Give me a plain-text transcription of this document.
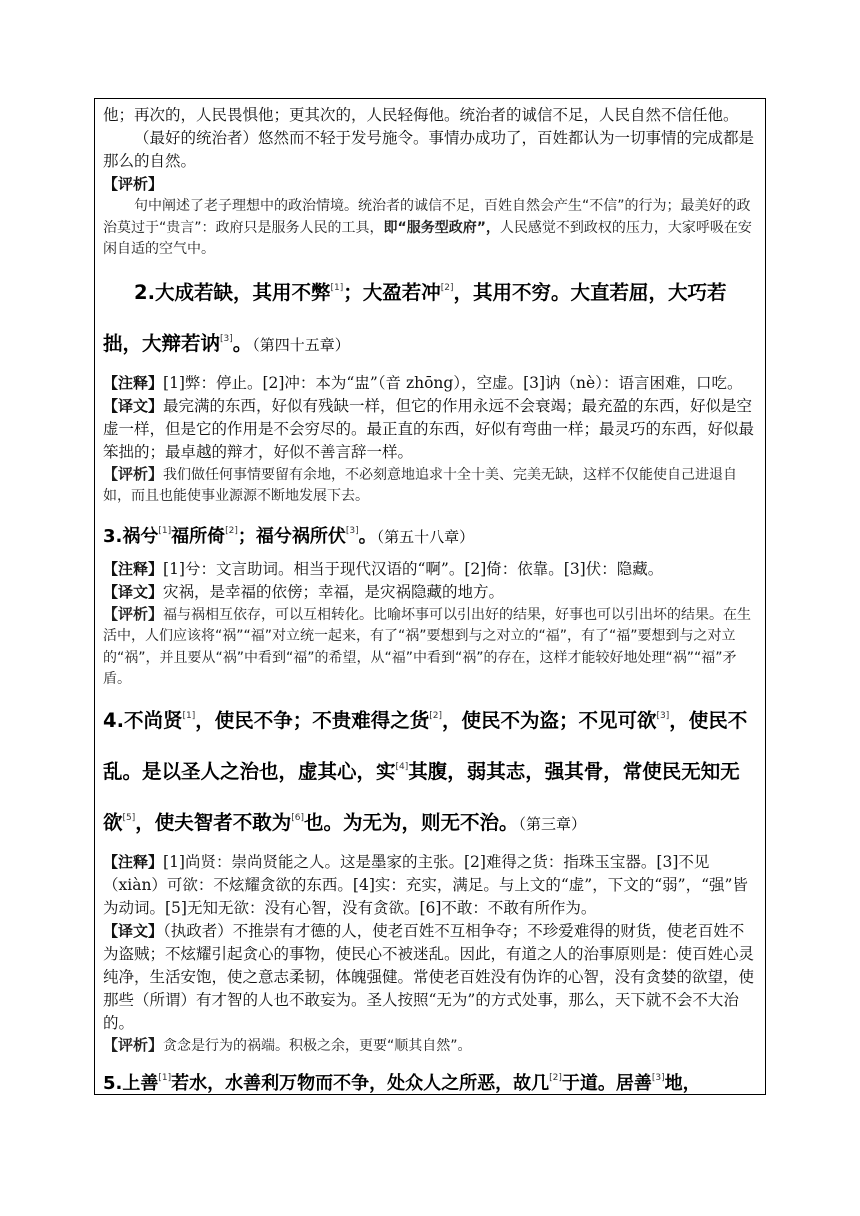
他；再次的，人民畏惧他；更其次的，人民轻侮他。统治者的诚信不足，人民自然不信任他。

（最好的统治者）悠然而不轻于发号施令。事情办成功了，百姓都认为一切事情的完成都是那么的自然。

【评析】

句中阐述了老子理想中的政治情境。统治者的诚信不足，百姓自然会产生“不信”的行为；最美好的政治莫过于“贵言”：政府只是服务人民的工具，即“服务型政府”，人民感觉不到政权的压力，大家呼吸在安闲自适的空气中。

2.大成若缺，其用不弊[1]；大盈若冲[2]，其用不穷。大直若屈，大巧若拙，大辩若讷[3]。（第四十五章）

【注释】[1]弊：停止。[2]冲：本为“盅”（音 zhōng），空虚。[3]讷（nè）：语言困难，口吃。

【译文】最完满的东西，好似有残缺一样，但它的作用永远不会衰竭；最充盈的东西，好似是空虚一样，但是它的作用是不会穷尽的。最正直的东西，好似有弯曲一样；最灵巧的东西，好似最笨拙的；最卓越的辩才，好似不善言辞一样。

【评析】我们做任何事情要留有余地，不必刻意地追求十全十美、完美无缺，这样不仅能使自己进退自如，而且也能使事业源源不断地发展下去。

3.祸兮[1]福所倚[2]；福兮祸所伏[3]。（第五十八章）

【注释】[1]兮：文言助词。相当于现代汉语的“啊”。[2]倚：依靠。[3]伏：隐藏。

【译文】灾祸，是幸福的依傍；幸福，是灾祸隐藏的地方。

【评析】福与祸相互依存，可以互相转化。比喻坏事可以引出好的结果，好事也可以引出坏的结果。在生活中，人们应该将“祸”“福”对立统一起来，有了“祸”要想到与之对立的“福”，有了“福”要想到与之对立的“祸”，并且要从“祸”中看到“福”的希望，从“福”中看到“祸”的存在，这样才能较好地处理“祸”“福”矛盾。

4.不尚贤[1]，使民不争；不贵难得之货[2]，使民不为盗；不见可欲[3]，使民不乱。是以圣人之治也，虚其心，实[4]其腹，弱其志，强其骨，常使民无知无欲[5]，使夫智者不敢为[6]也。为无为，则无不治。（第三章）

【注释】[1]尚贤：崇尚贤能之人。这是墨家的主张。[2]难得之货：指珠玉宝器。[3]不见（xiàn）可欲：不炫耀贪欲的东西。[4]实：充实，满足。与上文的“虚”，下文的“弱”，“强”皆为动词。[5]无知无欲：没有心智，没有贪欲。[6]不敢：不敢有所作为。

【译文】（执政者）不推崇有才德的人，使老百姓不互相争夺；不珍爱难得的财货，使老百姓不为盗贼；不炫耀引起贪心的事物，使民心不被迷乱。因此，有道之人的治事原则是：使百姓心灵纯净，生活安饱，使之意志柔韧，体魄强健。常使老百姓没有伪诈的心智，没有贪婪的欲望，使那些（所谓）有才智的人也不敢妄为。圣人按照“无为”的方式处事，那么，天下就不会不大治的。

【评析】贪念是行为的祸端。积极之余，更要“顺其自然”。

5.上善[1]若水，水善利万物而不争，处众人之所恶，故几[2]于道。居善[3]地，
